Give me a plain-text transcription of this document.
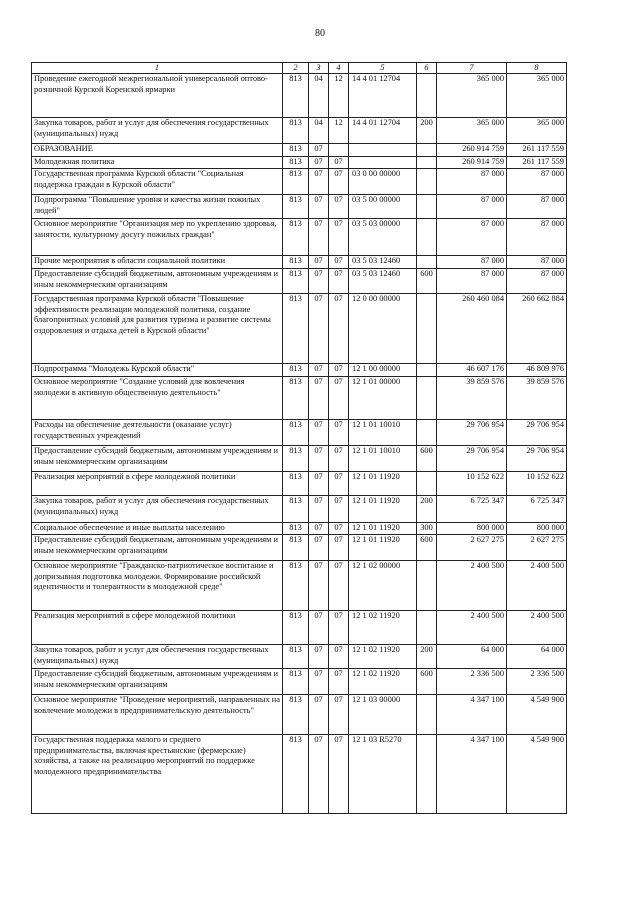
80
1	2	3	4	5	6	7	8
Проведение ежегодной межрегиональной универсальной оптово-розничной Курской Коренской ярмарки	813	04	12	14 4 01 12704		365 000	365 000
Закупка товаров, работ и услуг для обеспечения государственных (муниципальных) нужд	813	04	12	14 4 01 12704	200	365 000	365 000
ОБРАЗОВАНИЕ	813	07				260 914 759	261 117 559
Молодежная политика	813	07	07			260 914 759	261 117 559
Государственная программа Курской области "Социальная поддержка граждан в Курской области"	813	07	07	03 0 00 00000		87 000	87 000
Подпрограмма "Повышение уровня и качества жизни пожилых людей"	813	07	07	03 5 00 00000		87 000	87 000
Основное мероприятие "Организация мер по укреплению здоровья, занятости, культурному досугу пожилых граждан"	813	07	07	03 5 03 00000		87 000	87 000
Прочие мероприятия в области социальной политики	813	07	07	03 5 03 12460		87 000	87 000
Предоставление субсидий бюджетным, автономным учреждениям и иным некоммерческим организациям	813	07	07	03 5 03 12460	600	87 000	87 000
Государственная программа Курской области "Повышение эффективности реализации молодежной политики, создание благоприятных условий для развития туризма и развитие системы оздоровления и отдыха детей в Курской области"	813	07	07	12 0 00 00000		260 460 084	260 662 884
Подпрограмма "Молодежь Курской области"	813	07	07	12 1 00 00000		46 607 176	46 809 976
Основное мероприятие "Создание условий для вовлечения молодежи в активную общественную деятельность"	813	07	07	12 1 01 00000		39 859 576	39 859 576
Расходы на обеспечение деятельности (оказание услуг) государственных учреждений	813	07	07	12 1 01 10010		29 706 954	29 706 954
Предоставление субсидий бюджетным, автономным учреждениям и иным некоммерческим организациям	813	07	07	12 1 01 10010	600	29 706 954	29 706 954
Реализация мероприятий в сфере молодежной политики	813	07	07	12 1 01 11920		10 152 622	10 152 622
Закупка товаров, работ и услуг для обеспечения государственных (муниципальных) нужд	813	07	07	12 1 01 11920	200	6 725 347	6 725 347
Социальное обеспечение и иные выплаты населению	813	07	07	12 1 01 11920	300	800 000	800 000
Предоставление субсидий бюджетным, автономным учреждениям и иным некоммерческим организациям	813	07	07	12 1 01 11920	600	2 627 275	2 627 275
Основное мероприятие "Гражданско-патриотическое воспитание и допризывная подготовка молодежи. Формирование российской идентичности и толерантности в молодежной среде"	813	07	07	12 1 02 00000		2 400 500	2 400 500
Реализация мероприятий в сфере молодежной политики	813	07	07	12 1 02 11920		2 400 500	2 400 500
Закупка товаров, работ и услуг для обеспечения государственных (муниципальных) нужд	813	07	07	12 1 02 11920	200	64 000	64 000
Предоставление субсидий бюджетным, автономным учреждениям и иным некоммерческим организациям	813	07	07	12 1 02 11920	600	2 336 500	2 336 500
Основное мероприятие "Проведение мероприятий, направленных на вовлечение молодежи в предпринимательскую деятельность"	813	07	07	12 1 03 00000		4 347 100	4 549 900
Государственная поддержка малого и среднего предпринимательства, включая крестьянские (фермерские) хозяйства, а также на реализацию мероприятий по поддержке молодежного предпринимательства	813	07	07	12 1 03 R5270		4 347 100	4 549 900
